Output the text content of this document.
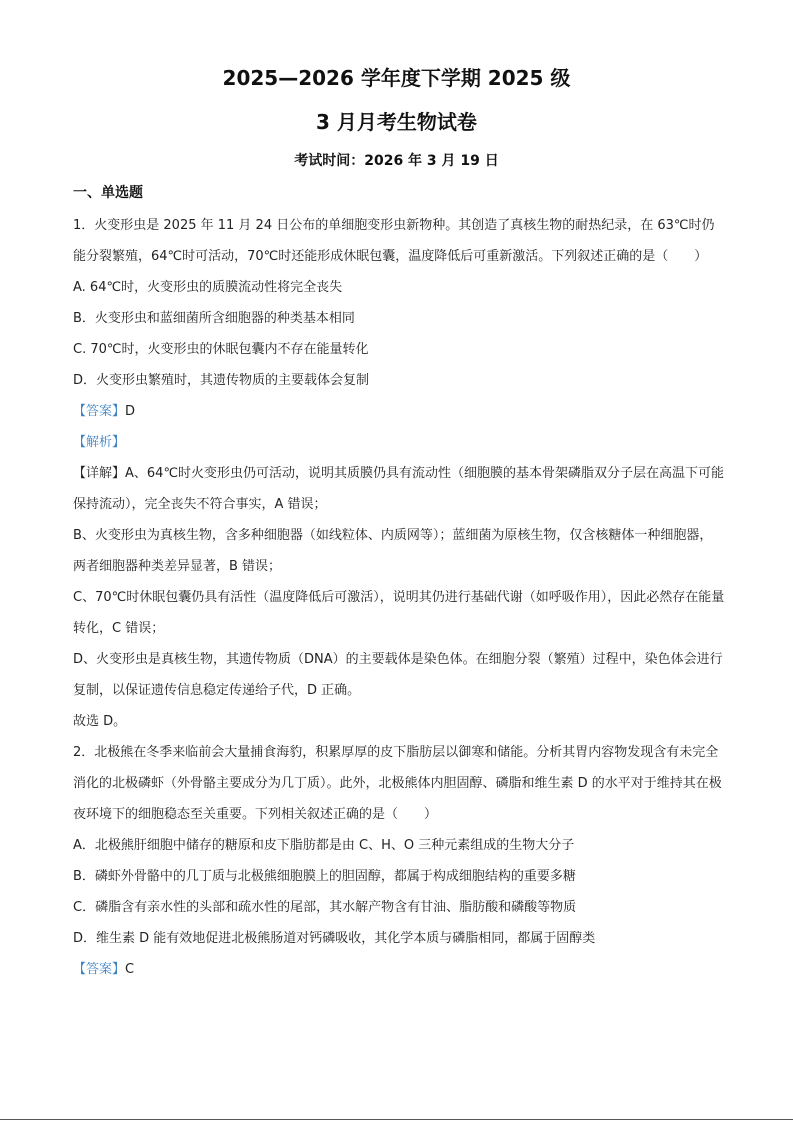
2025—2026 学年度下学期 2025 级
3 月月考生物试卷
考试时间：2026 年 3 月 19 日
一、单选题

1．火变形虫是 2025 年 11 月 24 日公布的单细胞变形虫新物种。其创造了真核生物的耐热纪录，在 63℃时仍能分裂繁殖，64℃时可活动，70℃时还能形成休眠包囊，温度降低后可重新激活。下列叙述正确的是（　　）

A. 64℃时，火变形虫的质膜流动性将完全丧失

B．火变形虫和蓝细菌所含细胞器的种类基本相同

C. 70℃时，火变形虫的休眠包囊内不存在能量转化

D．火变形虫繁殖时，其遗传物质的主要载体会复制

【答案】D

【解析】

【详解】A、64℃时火变形虫仍可活动，说明其质膜仍具有流动性（细胞膜的基本骨架磷脂双分子层在高温下可能保持流动），完全丧失不符合事实，A 错误；

B、火变形虫为真核生物，含多种细胞器（如线粒体、内质网等）；蓝细菌为原核生物，仅含核糖体一种细胞器，两者细胞器种类差异显著，B 错误；

C、70℃时休眠包囊仍具有活性（温度降低后可激活），说明其仍进行基础代谢（如呼吸作用），因此必然存在能量转化，C 错误；

D、火变形虫是真核生物，其遗传物质（DNA）的主要载体是染色体。在细胞分裂（繁殖）过程中，染色体会进行复制，以保证遗传信息稳定传递给子代，D 正确。

故选 D。

2．北极熊在冬季来临前会大量捕食海豹，积累厚厚的皮下脂肪层以御寒和储能。分析其胃内容物发现含有未完全消化的北极磷虾（外骨骼主要成分为几丁质）。此外，北极熊体内胆固醇、磷脂和维生素 D 的水平对于维持其在极夜环境下的细胞稳态至关重要。下列相关叙述正确的是（　　）

A．北极熊肝细胞中储存的糖原和皮下脂肪都是由 C、H、O 三种元素组成的生物大分子

B．磷虾外骨骼中的几丁质与北极熊细胞膜上的胆固醇，都属于构成细胞结构的重要多糖

C．磷脂含有亲水性的头部和疏水性的尾部，其水解产物含有甘油、脂肪酸和磷酸等物质

D．维生素 D 能有效地促进北极熊肠道对钙磷吸收，其化学本质与磷脂相同，都属于固醇类

【答案】C
